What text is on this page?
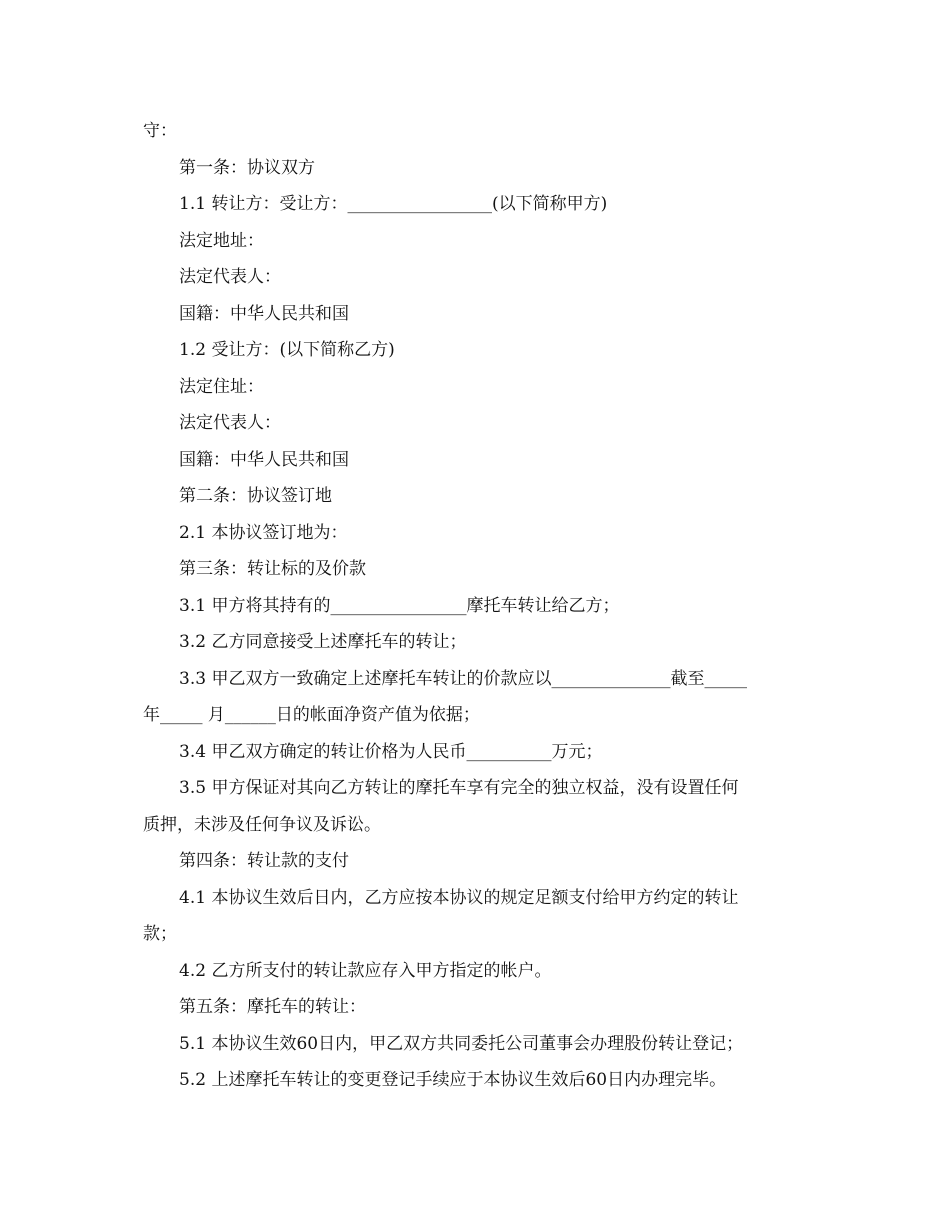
守：
第一条：协议双方
1.1 转让方：受让方：_________________(以下简称甲方)
法定地址：
法定代表人：
国籍：中华人民共和国
1.2 受让方：(以下简称乙方)
法定住址：
法定代表人：
国籍：中华人民共和国
第二条：协议签订地
2.1 本协议签订地为：
第三条：转让标的及价款
3.1 甲方将其持有的________________摩托车转让给乙方；
3.2 乙方同意接受上述摩托车的转让；
3.3 甲乙双方一致确定上述摩托车转让的价款应以______________截至_____
年_____ 月______日的帐面净资产值为依据；
3.4 甲乙双方确定的转让价格为人民币__________万元；
3.5 甲方保证对其向乙方转让的摩托车享有完全的独立权益，没有设置任何
质押，未涉及任何争议及诉讼。
第四条：转让款的支付
4.1 本协议生效后日内，乙方应按本协议的规定足额支付给甲方约定的转让
款；
4.2 乙方所支付的转让款应存入甲方指定的帐户。
第五条：摩托车的转让：
5.1 本协议生效60日内，甲乙双方共同委托公司董事会办理股份转让登记；
5.2 上述摩托车转让的变更登记手续应于本协议生效后60日内办理完毕。
